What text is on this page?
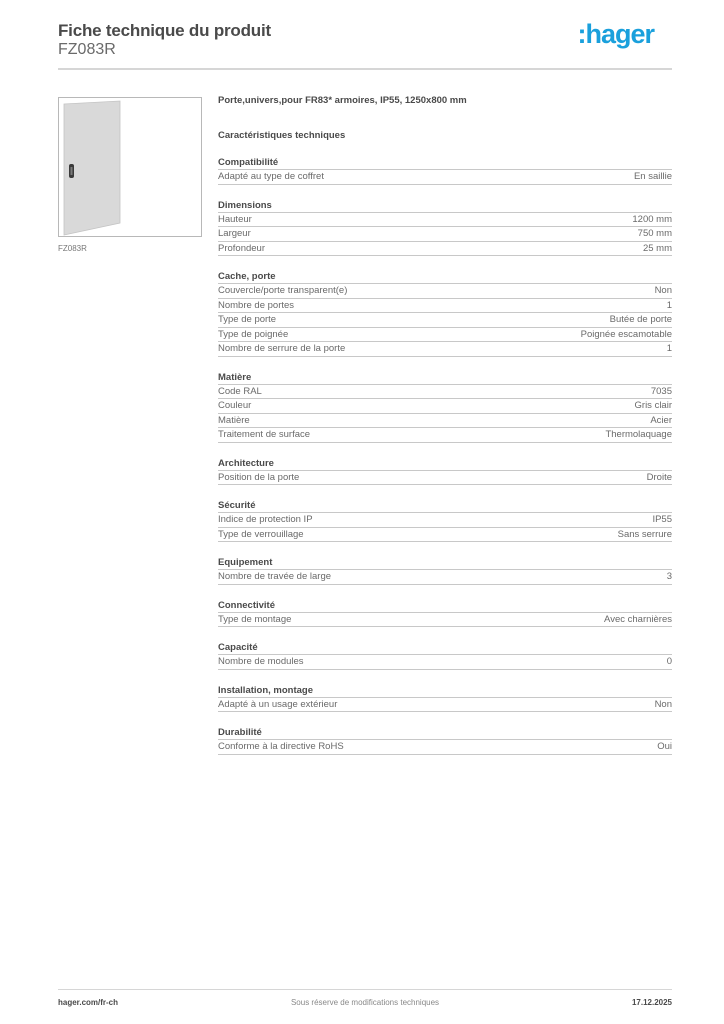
Fiche technique du produit
FZ083R
:hager
FZ083R
Porte,univers,pour FR83* armoires, IP55, 1250x800 mm
Caractéristiques techniques
Compatibilité
Adapté au type de coffret	En saillie
Dimensions
Hauteur	1200 mm
Largeur	750 mm
Profondeur	25 mm
Cache, porte
Couvercle/porte transparent(e)	Non
Nombre de portes	1
Type de porte	Butée de porte
Type de poignée	Poignée escamotable
Nombre de serrure de la porte	1
Matière
Code RAL	7035
Couleur	Gris clair
Matière	Acier
Traitement de surface	Thermolaquage
Architecture
Position de la porte	Droite
Sécurité
Indice de protection IP	IP55
Type de verrouillage	Sans serrure
Equipement
Nombre de travée de large	3
Connectivité
Type de montage	Avec charnières
Capacité
Nombre de modules	0
Installation, montage
Adapté à un usage extérieur	Non
Durabilité
Conforme à la directive RoHS	Oui
hager.com/fr-ch	Sous réserve de modifications techniques	17.12.2025
